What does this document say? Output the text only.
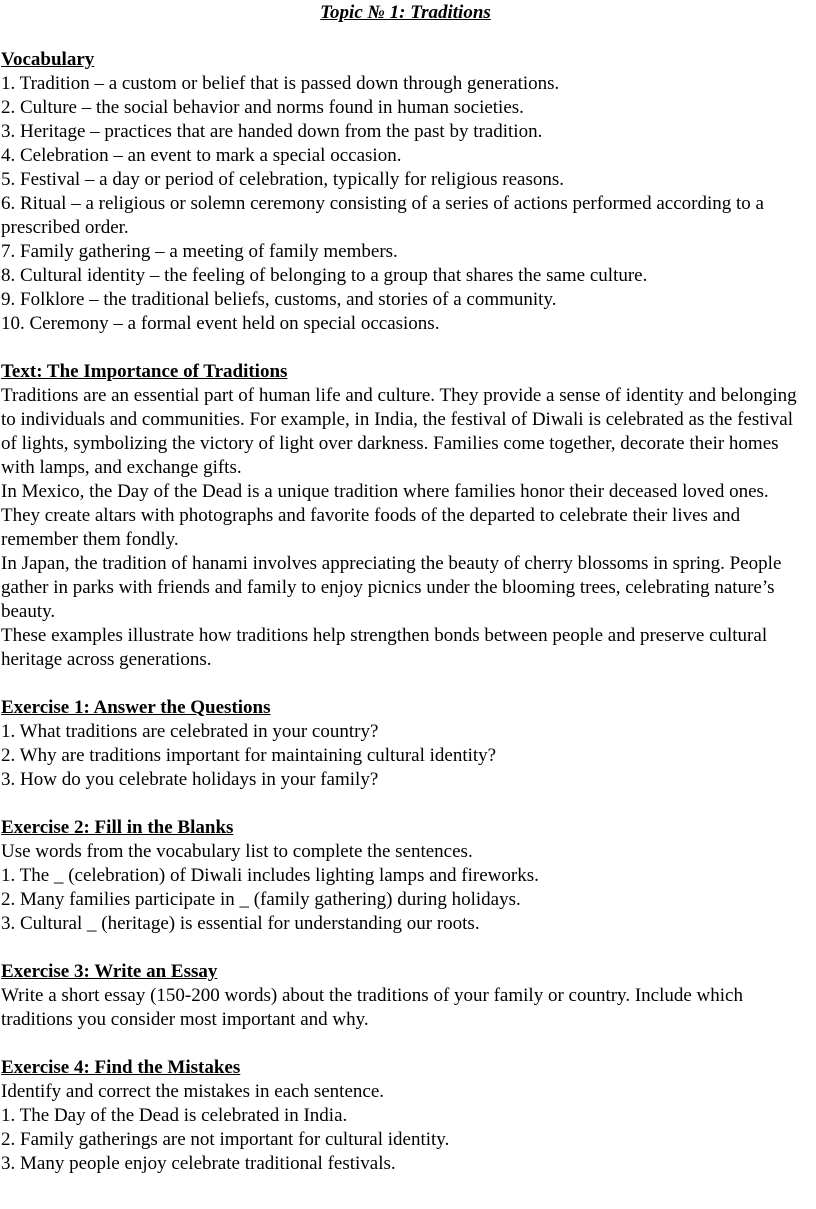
Topic № 1: Traditions
Vocabulary
1. Tradition – a custom or belief that is passed down through generations.
2. Culture – the social behavior and norms found in human societies.
3. Heritage – practices that are handed down from the past by tradition.
4. Celebration – an event to mark a special occasion.
5. Festival – a day or period of celebration, typically for religious reasons.
6. Ritual – a religious or solemn ceremony consisting of a series of actions performed according to a prescribed order.
7. Family gathering – a meeting of family members.
8. Cultural identity – the feeling of belonging to a group that shares the same culture.
9. Folklore – the traditional beliefs, customs, and stories of a community.
10. Ceremony – a formal event held on special occasions.
Text: The Importance of Traditions

Traditions are an essential part of human life and culture. They provide a sense of identity and belonging to individuals and communities. For example, in India, the festival of Diwali is celebrated as the festival of lights, symbolizing the victory of light over darkness. Families come together, decorate their homes with lamps, and exchange gifts.

In Mexico, the Day of the Dead is a unique tradition where families honor their deceased loved ones. They create altars with photographs and favorite foods of the departed to celebrate their lives and remember them fondly.

In Japan, the tradition of hanami involves appreciating the beauty of cherry blossoms in spring. People gather in parks with friends and family to enjoy picnics under the blooming trees, celebrating nature’s beauty.

These examples illustrate how traditions help strengthen bonds between people and preserve cultural heritage across generations.

Exercise 1: Answer the Questions
1. What traditions are celebrated in your country?
2. Why are traditions important for maintaining cultural identity?
3. How do you celebrate holidays in your family?
Exercise 2: Fill in the Blanks
Use words from the vocabulary list to complete the sentences.
1. The _ (celebration) of Diwali includes lighting lamps and fireworks.
2. Many families participate in _ (family gathering) during holidays.
3. Cultural _ (heritage) is essential for understanding our roots.
Exercise 3: Write an Essay

Write a short essay (150-200 words) about the traditions of your family or country. Include which traditions you consider most important and why.

Exercise 4: Find the Mistakes
Identify and correct the mistakes in each sentence.
1. The Day of the Dead is celebrated in India.
2. Family gatherings are not important for cultural identity.
3. Many people enjoy celebrate traditional festivals.
